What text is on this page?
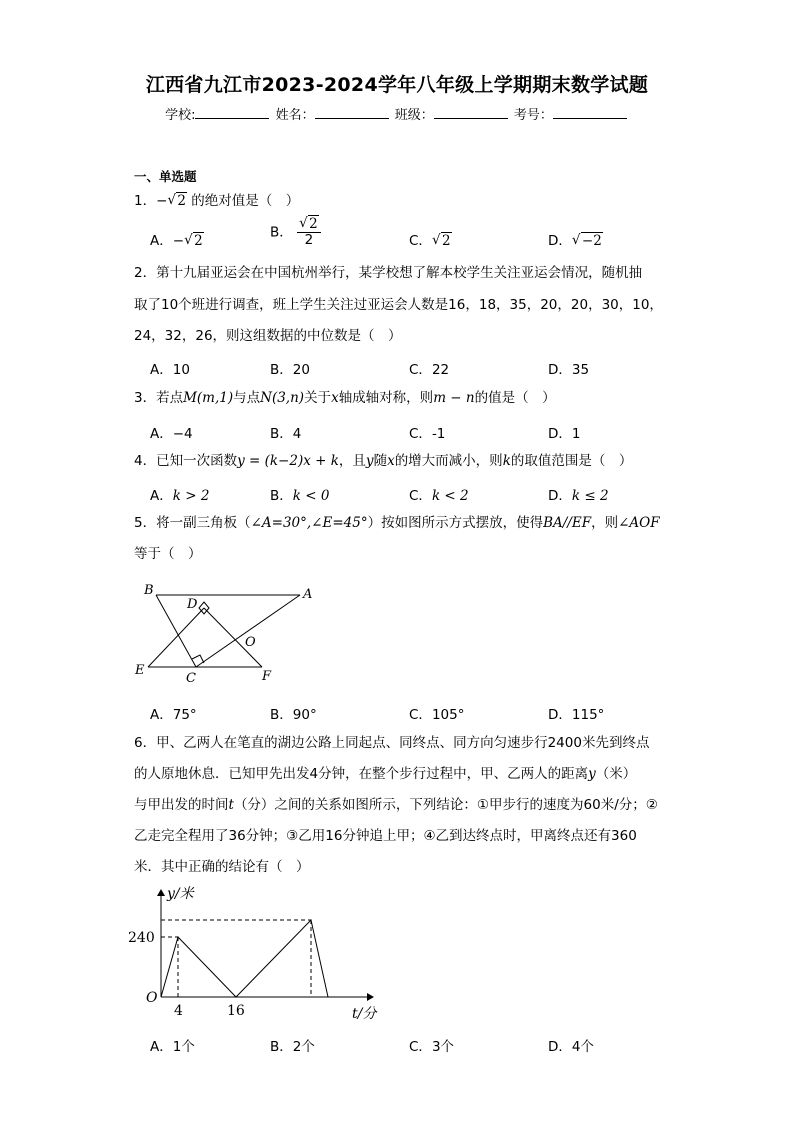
江西省九江市2023-2024学年八年级上学期期末数学试题
学校:	姓名：	班级：	考号：
一、单选题
1．− √ 2 的绝对值是（　）
A．− √ 2
B． √ $\frac{2}{2}$	C． √ 2	D． √ −2
2．第十九届亚运会在中国杭州举行，某学校想了解本校学生关注亚运会情况，随机抽
取了10个班进行调查，班上学生关注过亚运会人数是16，18，35，20，20，30，10，
24，32，26，则这组数据的中位数是（　）
A．10	B．20	C．22	D．35
3．若点M(m,1)与点N(3,n)关于x轴成轴对称，则m − n的值是（　）
A．−4	B．4	C．-1	D．1
4．已知一次函数y = (k−2)x + k，且y随x的增大而减小，则k的取值范围是（　）
A．k > 2	B．k < 0	C．k < 2	D．k ≤ 2
5．将一副三角板（∠A=30°,∠E=45°）按如图所示方式摆放，使得BA//EF，则∠AOF
等于（　）
B	A
D
O
E
C	F
A．75°	B．90°	C．105°	D．115°
6．甲、乙两人在笔直的湖边公路上同起点、同终点、同方向匀速步行2400米先到终点
的人原地休息．已知甲先出发4分钟，在整个步行过程中，甲、乙两人的距离y（米）
与甲出发的时间t（分）之间的关系如图所示，下列结论：①甲步行的速度为60米/分；②
乙走完全程用了36分钟；③乙用16分钟追上甲；④乙到达终点时，甲离终点还有360
米．其中正确的结论有（　）
y/米
240
O
4	16	t/分
A．1个	B．2个	C．3个	D．4个
